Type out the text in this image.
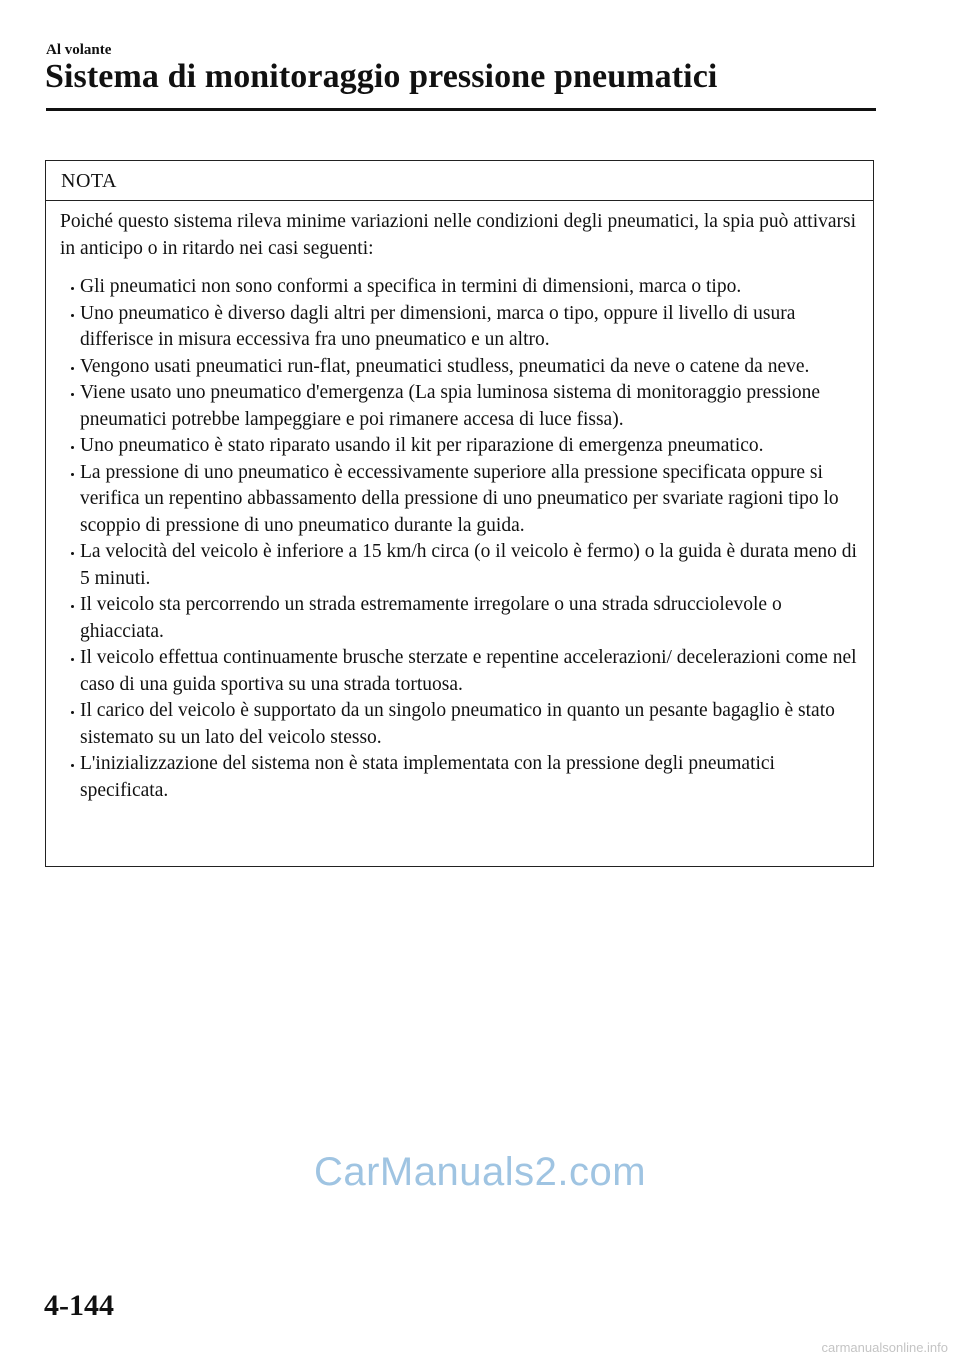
Al volante
Sistema di monitoraggio pressione pneumatici
NOTA

Poiché questo sistema rileva minime variazioni nelle condizioni degli pneumatici, la spia può attivarsi in anticipo o in ritardo nei casi seguenti:

Gli pneumatici non sono conformi a specifica in termini di dimensioni, marca o tipo.
Uno pneumatico è diverso dagli altri per dimensioni, marca o tipo, oppure il livello di usura differisce in misura eccessiva fra uno pneumatico e un altro.
Vengono usati pneumatici run-flat, pneumatici studless, pneumatici da neve o catene da neve.
Viene usato uno pneumatico d'emergenza (La spia luminosa sistema di monitoraggio pressione pneumatici potrebbe lampeggiare e poi rimanere accesa di luce fissa).
Uno pneumatico è stato riparato usando il kit per riparazione di emergenza pneumatico.
La pressione di uno pneumatico è eccessivamente superiore alla pressione specificata oppure si verifica un repentino abbassamento della pressione di uno pneumatico per svariate ragioni tipo lo scoppio di pressione di uno pneumatico durante la guida.
La velocità del veicolo è inferiore a 15 km/h circa (o il veicolo è fermo) o la guida è durata meno di 5 minuti.
Il veicolo sta percorrendo un strada estremamente irregolare o una strada sdrucciolevole o ghiacciata.
Il veicolo effettua continuamente brusche sterzate e repentine accelerazioni/ decelerazioni come nel caso di una guida sportiva su una strada tortuosa.
Il carico del veicolo è supportato da un singolo pneumatico in quanto un pesante bagaglio è stato sistemato su un lato del veicolo stesso.
L'inizializzazione del sistema non è stata implementata con la pressione degli pneumatici specificata.
CarManuals2.com
4-144
carmanualsonline.info
